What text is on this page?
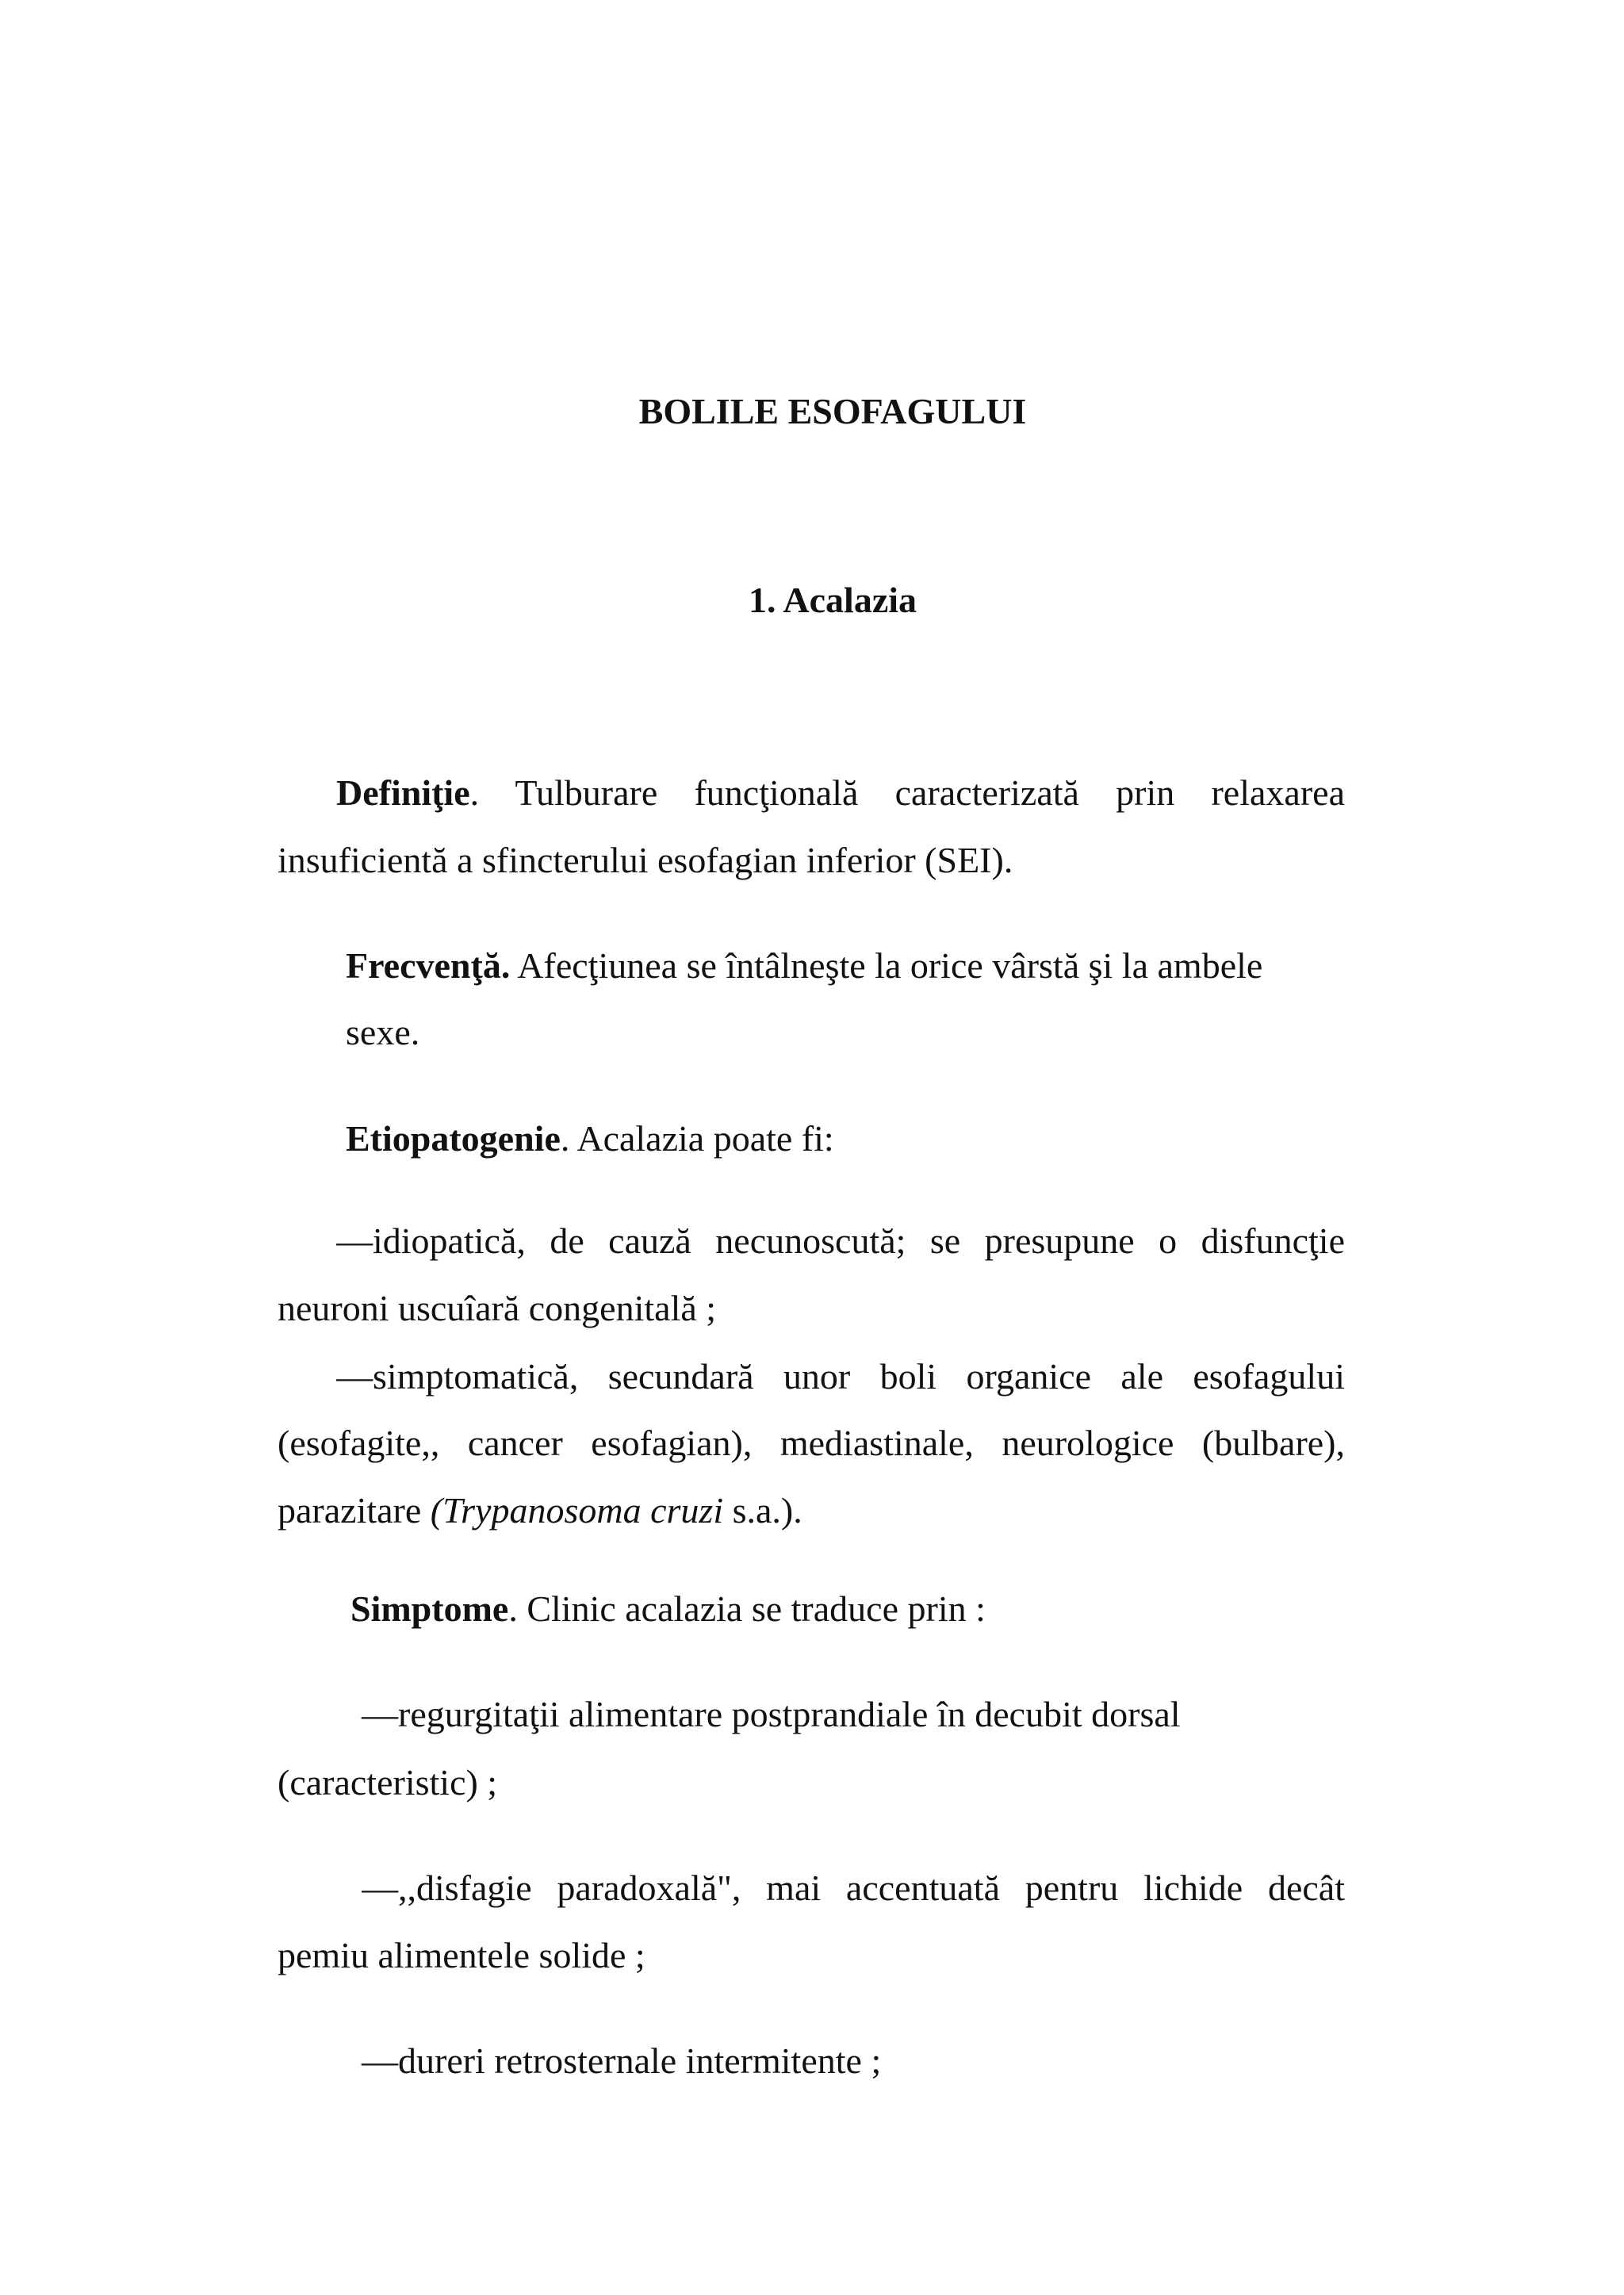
BOLILE ESOFAGULUI
1. Acalazia
Definiţie. Tulburare funcţională caracterizată prin relaxarea
insuficientă a sfincterului esofagian inferior (SEI).
Frecvenţă. Afecţiunea se întâlneşte la orice vârstă şi la ambele
sexe.
Etiopatogenie. Acalazia poate fi:
—idiopatică, de cauză necunoscută; se presupune o disfuncţie
neuroni uscuîară congenitală ;
—simptomatică, secundară unor boli organice ale esofagului
(esofagite,, cancer esofagian), mediastinale, neurologice (bulbare),
parazitare (Trypanosoma cruzi s.a.).
Simptome. Clinic acalazia se traduce prin :
—regurgitaţii alimentare postprandiale în decubit dorsal
(caracteristic) ;
—,,disfagie paradoxală", mai accentuată pentru lichide decât
pemiu alimentele solide ;
—dureri retrosternale intermitente ;
